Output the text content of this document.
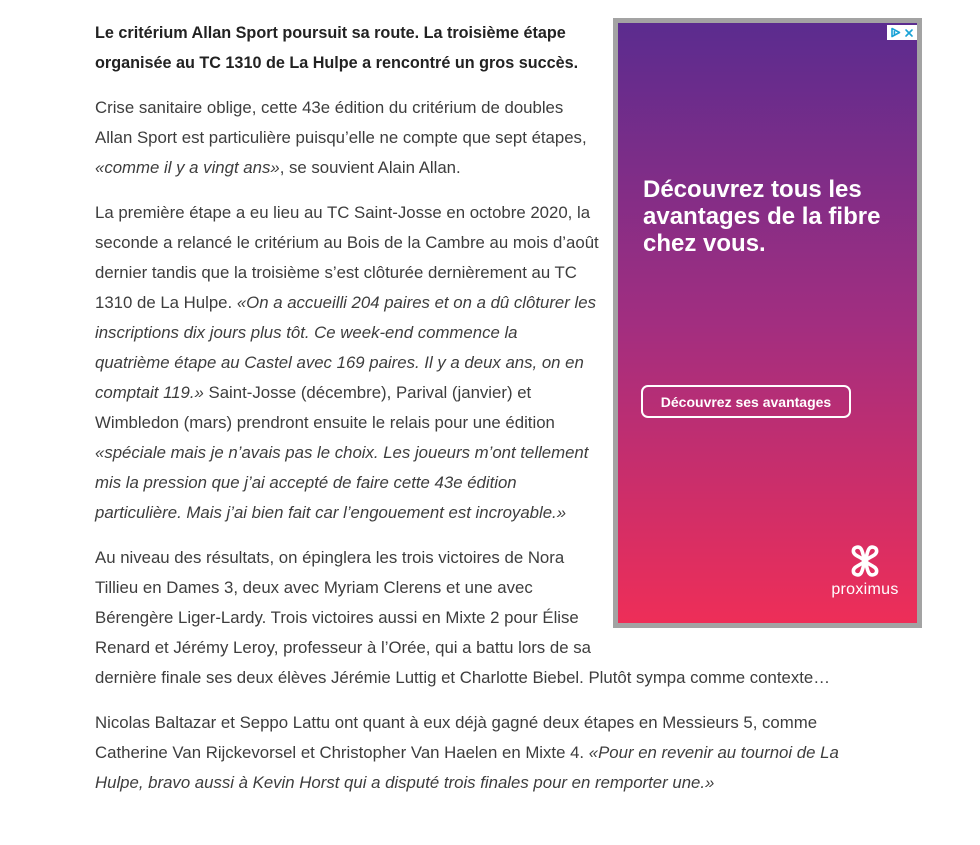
Le critérium Allan Sport poursuit sa route. La troisième étape
organisée au TC 1310 de La Hulpe a rencontré un gros succès.

Crise sanitaire oblige, cette 43e édition du critérium de doubles
Allan Sport est particulière puisqu’elle ne compte que sept étapes,
«comme il y a vingt ans», se souvient Alain Allan.

La première étape a eu lieu au TC Saint-Josse en octobre 2020, la
seconde a relancé le critérium au Bois de la Cambre au mois d’août
dernier tandis que la troisième s’est clôturée dernièrement au TC
1310 de La Hulpe. «On a accueilli 204 paires et on a dû clôturer les
inscriptions dix jours plus tôt. Ce week-end commence la
quatrième étape au Castel avec 169 paires. Il y a deux ans, on en
comptait 119.» Saint-Josse (décembre), Parival (janvier) et
Wimbledon (mars) prendront ensuite le relais pour une édition
«spéciale mais je n’avais pas le choix. Les joueurs m’ont tellement
mis la pression que j’ai accepté de faire cette 43e édition
particulière. Mais j’ai bien fait car l’engouement est incroyable.»

Au niveau des résultats, on épinglera les trois victoires de Nora
Tillieu en Dames 3, deux avec Myriam Clerens et une avec
Bérengère Liger-Lardy. Trois victoires aussi en Mixte 2 pour Élise
Renard et Jérémy Leroy, professeur à l’Orée, qui a battu lors de sa
dernière finale ses deux élèves Jérémie Luttig et Charlotte Biebel. Plutôt sympa comme contexte…

Nicolas Baltazar et Seppo Lattu ont quant à eux déjà gagné deux étapes en Messieurs 5, comme
Catherine Van Rijckevorsel et Christopher Van Haelen en Mixte 4. «Pour en revenir au tournoi de La
Hulpe, bravo aussi à Kevin Horst qui a disputé trois finales pour en remporter une.»

Découvrez tous les
avantages de la fibre
chez vous.
Découvrez ses avantages
proximus
